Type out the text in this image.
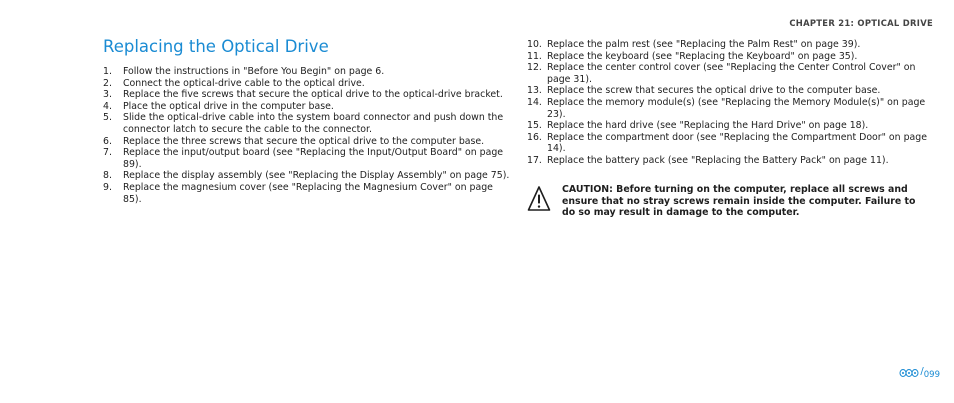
CHAPTER 21: OPTICAL DRIVE
Replacing the Optical Drive
1.	Follow the instructions in "Before You Begin" on page 6.
2.	Connect the optical-drive cable to the optical drive.
3.	Replace the five screws that secure the optical drive to the optical-drive bracket.
4.	Place the optical drive in the computer base.
5.	Slide the optical-drive cable into the system board connector and push down the connector latch to secure the cable to the connector.
6.	Replace the three screws that secure the optical drive to the computer base.
7.	Replace the input/output board (see "Replacing the Input/Output Board" on page 89).
8.	Replace the display assembly (see "Replacing the Display Assembly" on page 75).
9.	Replace the magnesium cover (see "Replacing the Magnesium Cover" on page 85).
10. Replace the palm rest (see "Replacing the Palm Rest" on page 39).
11. Replace the keyboard (see "Replacing the Keyboard" on page 35).
12. Replace the center control cover (see "Replacing the Center Control Cover" on page 31).
13. Replace the screw that secures the optical drive to the computer base.
14. Replace the memory module(s) (see "Replacing the Memory Module(s)" on page 23).
15. Replace the hard drive (see "Replacing the Hard Drive" on page 18).
16. Replace the compartment door (see "Replacing the Compartment Door" on page 14).
17. Replace the battery pack (see "Replacing the Battery Pack" on page 11).
CAUTION: Before turning on the computer, replace all screws and ensure that no stray screws remain inside the computer. Failure to do so may result in damage to the computer.
/ 099
